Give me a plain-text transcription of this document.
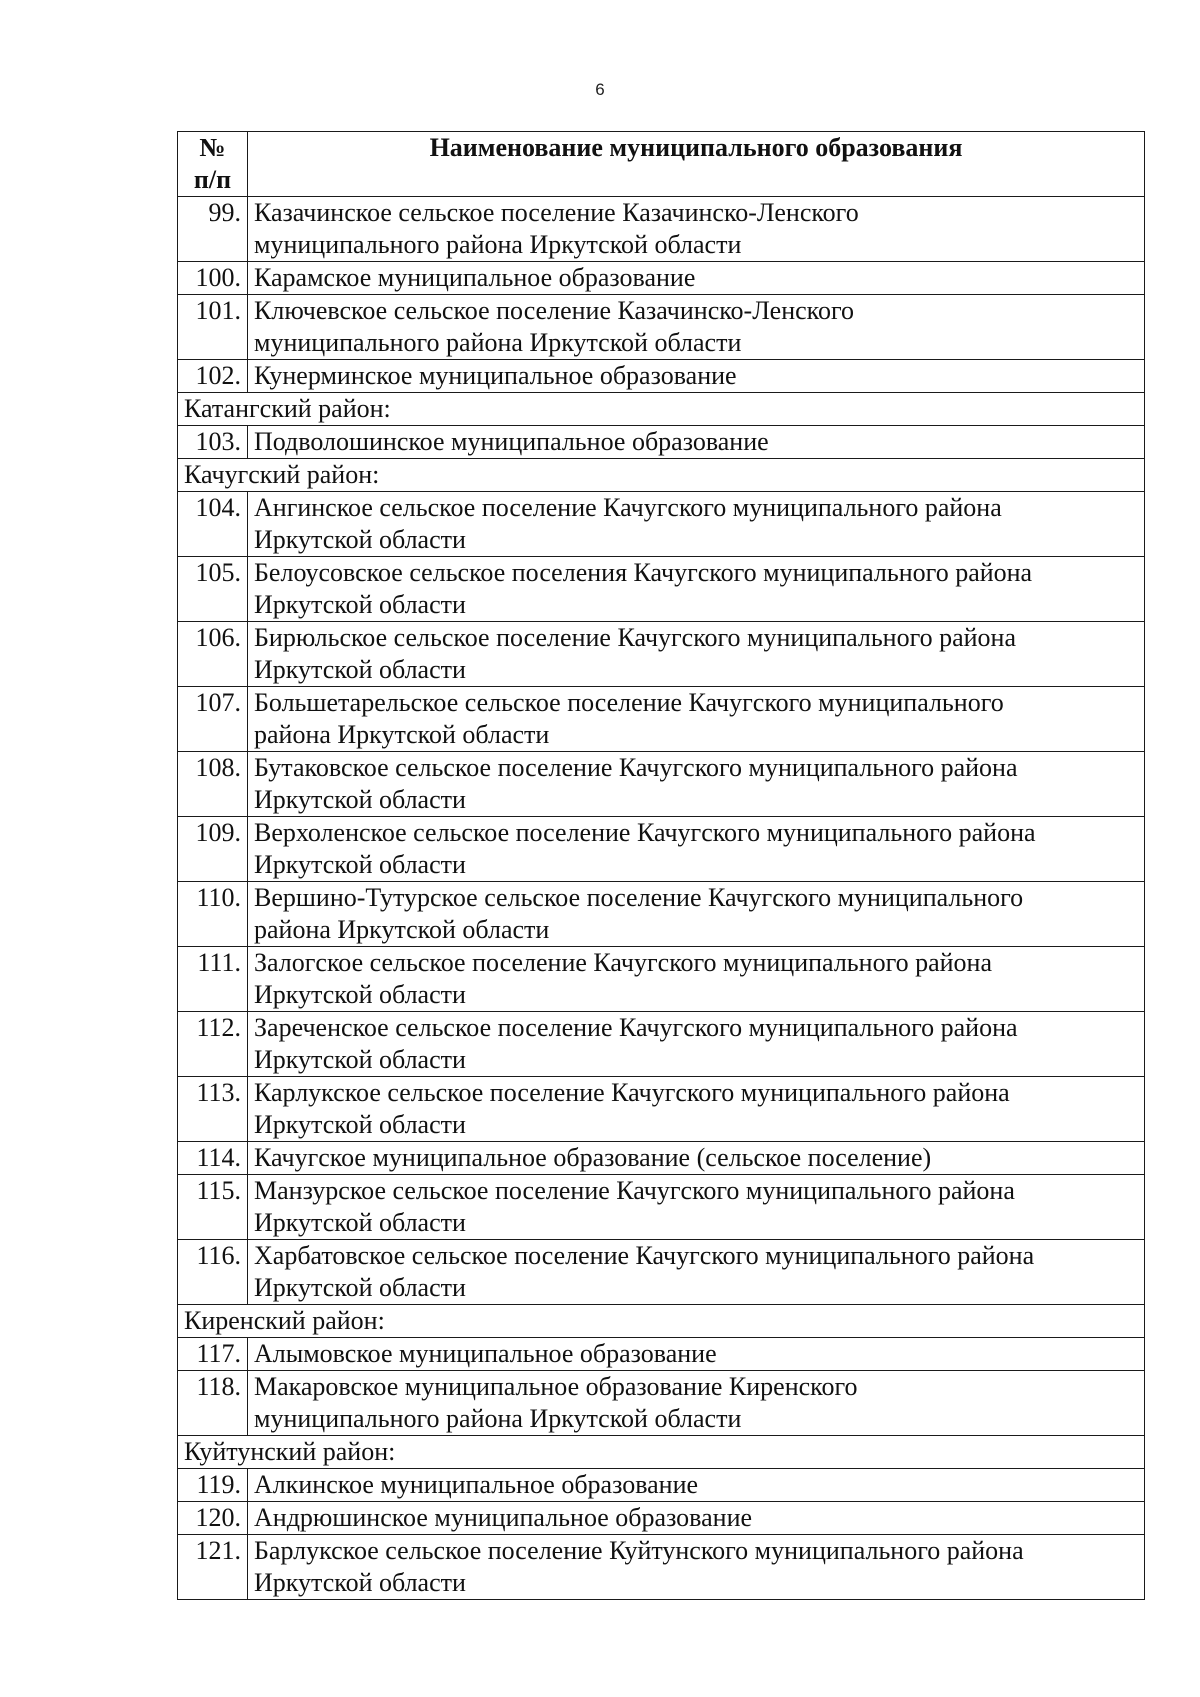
6
№
п/п	Наименование муниципального образования
99.	Казачинское сельское поселение Казачинско-Ленского
муниципального района Иркутской области
100.	Карамское муниципальное образование
101.	Ключевское сельское поселение Казачинско-Ленского
муниципального района Иркутской области
102.	Кунерминское муниципальное образование
Катангский район:	
103.	Подволошинское муниципальное образование
Качугский район:	
104.	Ангинское сельское поселение Качугского муниципального района
Иркутской области
105.	Белоусовское сельское поселения Качугского муниципального района
Иркутской области
106.	Бирюльское сельское поселение Качугского муниципального района
Иркутской области
107.	Большетарельское сельское поселение Качугского муниципального
района Иркутской области
108.	Бутаковское сельское поселение Качугского муниципального района
Иркутской области
109.	Верхоленское сельское поселение Качугского муниципального района
Иркутской области
110.	Вершино-Тутурское сельское поселение Качугского муниципального
района Иркутской области
111.	Залогское сельское поселение Качугского муниципального района
Иркутской области
112.	Зареченское сельское поселение Качугского муниципального района
Иркутской области
113.	Карлукское сельское поселение Качугского муниципального района
Иркутской области
114.	Качугское муниципальное образование (сельское поселение)
115.	Манзурское сельское поселение Качугского муниципального района
Иркутской области
116.	Харбатовское сельское поселение Качугского муниципального района
Иркутской области
Киренский район:	
117.	Алымовское муниципальное образование
118.	Макаровское муниципальное образование Киренского
муниципального района Иркутской области
Куйтунский район:	
119.	Алкинское муниципальное образование
120.	Андрюшинское муниципальное образование
121.	Барлукское сельское поселение Куйтунского муниципального района
Иркутской области
